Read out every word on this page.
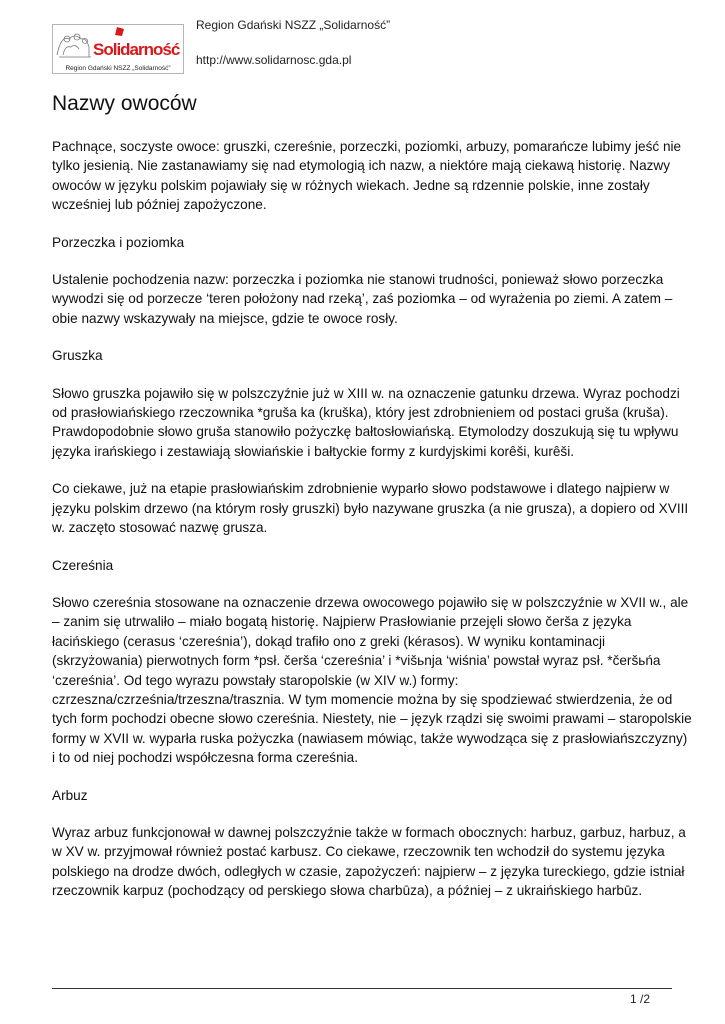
Solidarność
Region Gdański NSZZ „Solidarność”
Region Gdański NSZZ „Solidarność”
http://www.solidarnosc.gda.pl
Nazwy owoców

Pachnące, soczyste owoce: gruszki, czereśnie, porzeczki, poziomki, arbuzy, pomarańcze lubimy jeść nie tylko jesienią. Nie zastanawiamy się nad etymologią ich nazw, a niektóre mają ciekawą historię. Nazwy owoców w języku polskim pojawiały się w różnych wiekach. Jedne są rdzennie polskie, inne zostały wcześniej lub później zapożyczone.

Porzeczka i poziomka

Ustalenie pochodzenia nazw: porzeczka i poziomka nie stanowi trudności, ponieważ słowo porzeczka wywodzi się od porzecze ‘teren położony nad rzeką’, zaś poziomka – od wyrażenia po ziemi. A zatem – obie nazwy wskazywały na miejsce, gdzie te owoce rosły.

Gruszka

Słowo gruszka pojawiło się w polszczyźnie już w XIII w. na oznaczenie gatunku drzewa. Wyraz pochodzi od prasłowiańskiego rzeczownika *gruša ka (kruška), który jest zdrobnieniem od postaci gruša (kruša). Prawdopodobnie słowo gruša stanowiło pożyczkę bałtosłowiańską. Etymolodzy doszukują się tu wpływu języka irańskiego i zestawiają słowiańskie i bałtyckie formy z kurdyjskimi korêši, kurêši.

Co ciekawe, już na etapie prasłowiańskim zdrobnienie wyparło słowo podstawowe i dlatego najpierw w języku polskim drzewo (na którym rosły gruszki) było nazywane gruszka (a nie grusza), a dopiero od XVIII w. zaczęto stosować nazwę grusza.

Czereśnia

Słowo czereśnia stosowane na oznaczenie drzewa owocowego pojawiło się w polszczyźnie w XVII w., ale – zanim się utrwaliło – miało bogatą historię. Najpierw Prasłowianie przejęli słowo čeršа z języka łacińskiego (cerasus ‘czereśnia’), dokąd trafiło ono z greki (kérasos). W wyniku kontaminacji (skrzyżowania) pierwotnych form *psł. čeršа ‘czereśnia’ i *višьnja ‘wiśnia’ powstał wyraz psł. *čeršьńa ‘czereśnia’. Od tego wyrazu powstały staropolskie (w XIV w.) formy: czrzeszna/czrześnia/trzeszna/trasznia. W tym momencie można by się spodziewać stwierdzenia, że od tych form pochodzi obecne słowo czereśnia. Niestety, nie – język rządzi się swoimi prawami – staropolskie formy w XVII w. wyparła ruska pożyczka (nawiasem mówiąc, także wywodząca się z prasłowiańszczyzny) i to od niej pochodzi współczesna forma czereśnia.

Arbuz

Wyraz arbuz funkcjonował w dawnej polszczyźnie także w formach obocznych: harbuz, garbuz, harbuz, a w XV w. przyjmował również postać karbusz. Co ciekawe, rzeczownik ten wchodził do systemu języka polskiego na drodze dwóch, odległych w czasie, zapożyczeń: najpierw – z języka tureckiego, gdzie istniał rzeczownik karpuz (pochodzący od perskiego słowa charbūza), a później – z ukraińskiego harbūz.

1 /2
